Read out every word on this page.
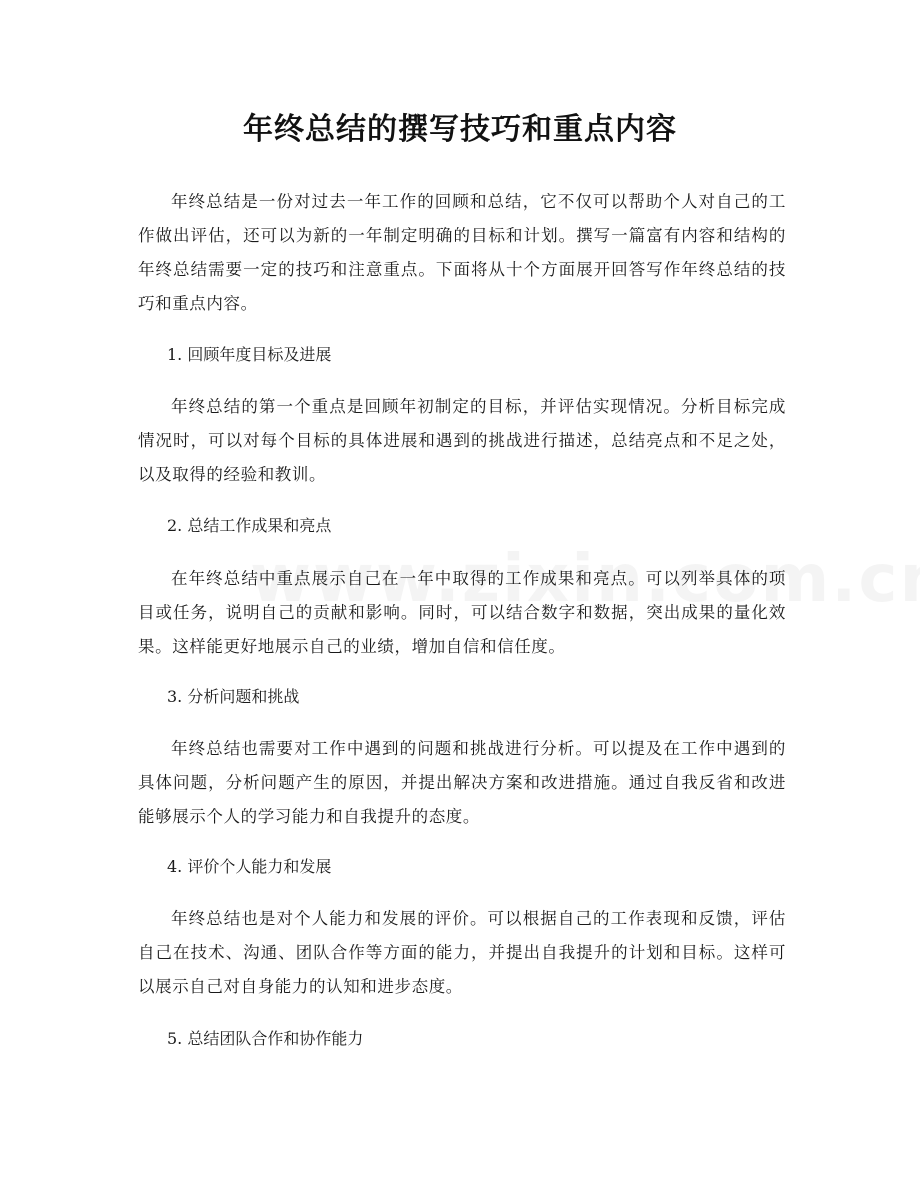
年终总结的撰写技巧和重点内容

年终总结是一份对过去一年工作的回顾和总结，它不仅可以帮助个人对自己的工作做出评估，还可以为新的一年制定明确的目标和计划。撰写一篇富有内容和结构的年终总结需要一定的技巧和注意重点。下面将从十个方面展开回答写作年终总结的技巧和重点内容。

1. 回顾年度目标及进展

年终总结的第一个重点是回顾年初制定的目标，并评估实现情况。分析目标完成情况时，可以对每个目标的具体进展和遇到的挑战进行描述，总结亮点和不足之处，以及取得的经验和教训。

2. 总结工作成果和亮点

在年终总结中重点展示自己在一年中取得的工作成果和亮点。可以列举具体的项目或任务，说明自己的贡献和影响。同时，可以结合数字和数据，突出成果的量化效果。这样能更好地展示自己的业绩，增加自信和信任度。

3. 分析问题和挑战

年终总结也需要对工作中遇到的问题和挑战进行分析。可以提及在工作中遇到的具体问题，分析问题产生的原因，并提出解决方案和改进措施。通过自我反省和改进能够展示个人的学习能力和自我提升的态度。

4. 评价个人能力和发展

年终总结也是对个人能力和发展的评价。可以根据自己的工作表现和反馈，评估自己在技术、沟通、团队合作等方面的能力，并提出自我提升的计划和目标。这样可以展示自己对自身能力的认知和进步态度。

5. 总结团队合作和协作能力
